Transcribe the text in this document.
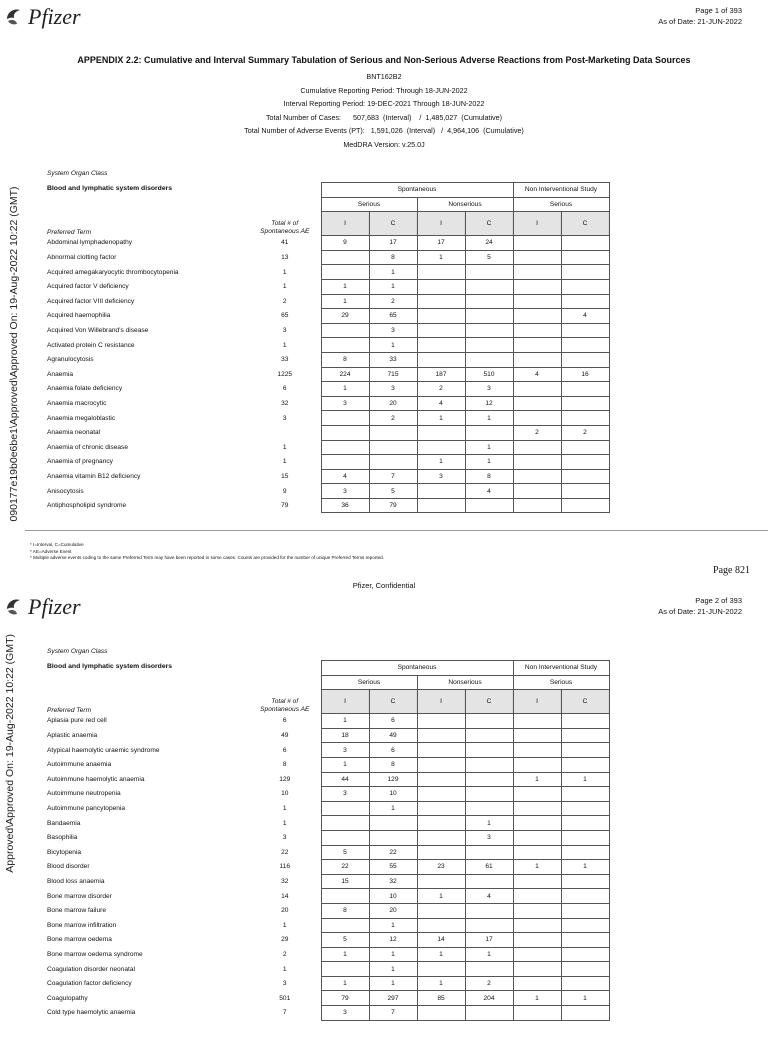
Pfizer	Page 1 of 393
As of Date: 21-JUN-2022
APPENDIX 2.2: Cumulative and Interval Summary Tabulation of Serious and Non-Serious Adverse Reactions from Post-Marketing Data Sources
BNT162B2
Cumulative Reporting Period: Through 18-JUN-2022
Interval Reporting Period: 19-DEC-2021 Through 18-JUN-2022
Total Number of Cases:      507,683  (Interval)    /  1,485,027  (Cumulative)
Total Number of Adverse Events (PT):   1,591,026  (Interval)   /  4,964,106  (Cumulative)
MedDRA Version: v.25.0J
090177e19b0e6be1\Approved\Approved On: 19-Aug-2022 10:22 (GMT)
System Organ Class
Blood and lymphatic system disorders
			Spontaneous				Non Interventional Study	
		Serious		Nonserious		Serious	
Preferred Term	Total # of
Spontaneous AE	I	C	I	C	I	C
Abdominal lymphadenopathy	41	9	17	17	24		
Abnormal clotting factor	13		8	1	5		
Acquired amegakaryocytic thrombocytopenia	1		1				
Acquired factor V deficiency	1	1	1				
Acquired factor VIII deficiency	2	1	2				
Acquired haemophilia	65	29	65				4
Acquired Von Willebrand's disease	3		3				
Activated protein C resistance	1		1				
Agranulocytosis	33	8	33				
Anaemia	1225	224	715	187	510	4	16
Anaemia folate deficiency	6	1	3	2	3		
Anaemia macrocytic	32	3	20	4	12		
Anaemia megaloblastic	3		2	1	1		
Anaemia neonatal						2	2
Anaemia of chronic disease	1				1		
Anaemia of pregnancy	1			1	1		
Anaemia vitamin B12 deficiency	15	4	7	3	8		
Anisocytosis	9	3	5		4		
Antiphospholipid syndrome	79	36	79				
* I=Interval, C=Cumulative
* AE=Adverse Event
* Multiple adverse events coding to the same Preferred Term may have been reported in some cases. Counts are provided for the number of unique Preferred Terms reported.
Page 821
Pfizer, Confidential
Pfizer	Page 2 of 393
As of Date: 21-JUN-2022
Approved\Approved On: 19-Aug-2022 10:22 (GMT)	System Organ Class
Blood and lymphatic system disorders
			Spontaneous				Non Interventional Study	
		Serious		Nonserious		Serious	
Preferred Term	Total # of
Spontaneous AE	I	C	I	C	I	C
Aplasia pure red cell	6	1	6				
Aplastic anaemia	49	18	49				
Atypical haemolytic uraemic syndrome	6	3	6				
Autoimmune anaemia	8	1	8				
Autoimmune haemolytic anaemia	129	44	129			1	1
Autoimmune neutropenia	10	3	10				
Autoimmune pancytopenia	1		1				
Bandaemia	1				1		
Basophilia	3				3		
Bicytopenia	22	5	22				
Blood disorder	116	22	55	23	61	1	1
Blood loss anaemia	32	15	32				
Bone marrow disorder	14		10	1	4		
Bone marrow failure	20	8	20				
Bone marrow infiltration	1		1				
Bone marrow oedema	29	5	12	14	17		
Bone marrow oedema syndrome	2	1	1	1	1		
Coagulation disorder neonatal	1		1				
Coagulation factor deficiency	3	1	1	1	2		
Coagulopathy	501	79	297	85	204	1	1
Cold type haemolytic anaemia	7	3	7				
